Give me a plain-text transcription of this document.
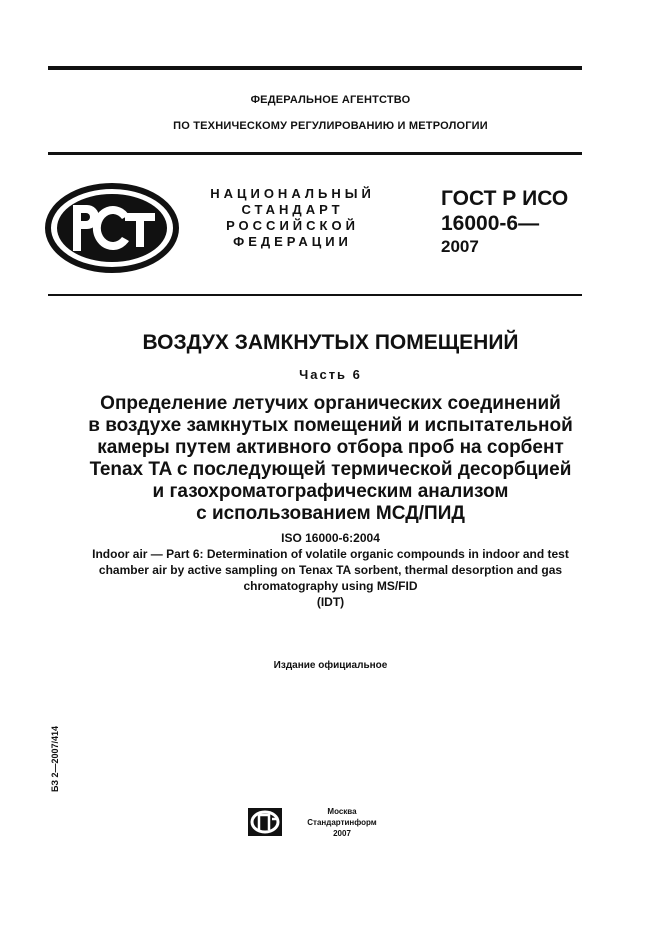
ФЕДЕРАЛЬНОЕ АГЕНТСТВО
ПО ТЕХНИЧЕСКОМУ РЕГУЛИРОВАНИЮ И МЕТРОЛОГИИ
НАЦИОНАЛЬНЫЙ
СТАНДАРТ
РОССИЙСКОЙ
ФЕДЕРАЦИИ
ГОСТ Р ИСО
16000-6—
2007
ВОЗДУХ ЗАМКНУТЫХ ПОМЕЩЕНИЙ
Часть 6
Определение летучих органических соединений
в воздухе замкнутых помещений и испытательной
камеры путем активного отбора проб на сорбент
Tenax TA с последующей термической десорбцией
и газохроматографическим анализом
с использованием МСД/ПИД
ISO 16000-6:2004
Indoor air — Part 6: Determination of volatile organic compounds in indoor and test
chamber air by active sampling on Tenax TA sorbent, thermal desorption and gas
chromatography using MS/FID
(IDT)
Издание официальное
БЗ 2—2007/414
Москва
Стандартинформ
2007
